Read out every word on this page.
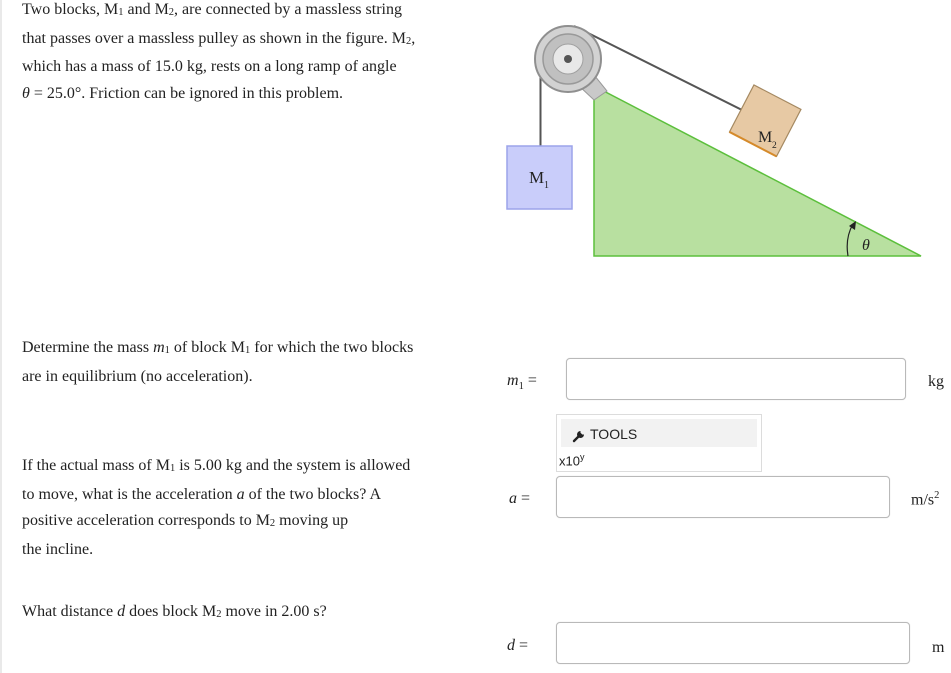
Two blocks, $M_1$ and $M_2$, are connected by a massless string
that passes over a massless pulley as shown in the figure. $M_2$,
which has a mass of 15.0 kg, rests on a long ramp of angle
θ = 25.0°. Friction can be ignored in this problem.
M 1
M 2
θ
Determine the mass $m_1$ of block $M_1$ for which the two blocks
are in equilibrium (no acceleration).	$m_1$ =	kg
TOOLS
x10$^y$
If the actual mass of $M_1$ is 5.00 kg and the system is allowed
to move, what is the acceleration a of the two blocks? A
positive acceleration corresponds to $M_2$ moving up
the incline.
a =	$m/s^2$
What distance d does block $M_2$ move in 2.00 s?
d =	m
